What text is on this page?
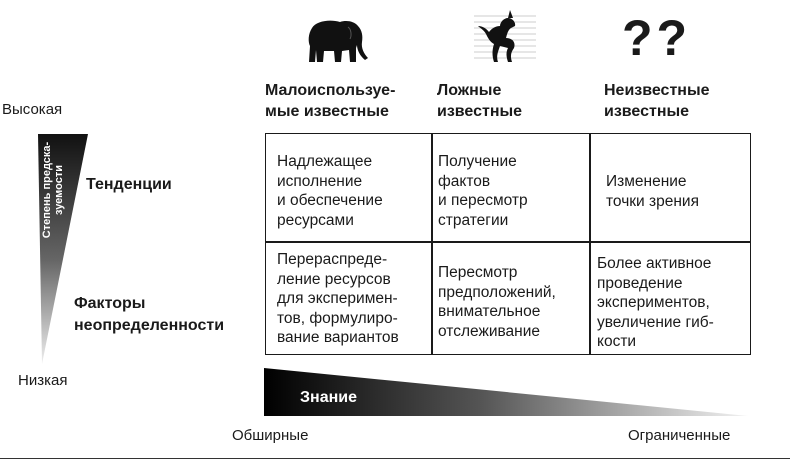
??
Малоиспользуе-
мые известные
Ложные
известные
Неизвестные
известные
Высокая
Низкая
Степень предска-
зуемости Тенденции
Факторы
неопределенности
Надлежащее
исполнение
и обеспечение
ресурсами
Получение
фактов
и пересмотр
стратегии
Изменение
точки зрения
Перераспреде-
ление ресурсов
для эксперимен-
тов, формулиро-
вание вариантов
Пересмотр
предположений,
внимательное
отслеживание
Более активное
проведение
экспериментов,
увеличение гиб-
кости
Знание
Обширные	Ограниченные
